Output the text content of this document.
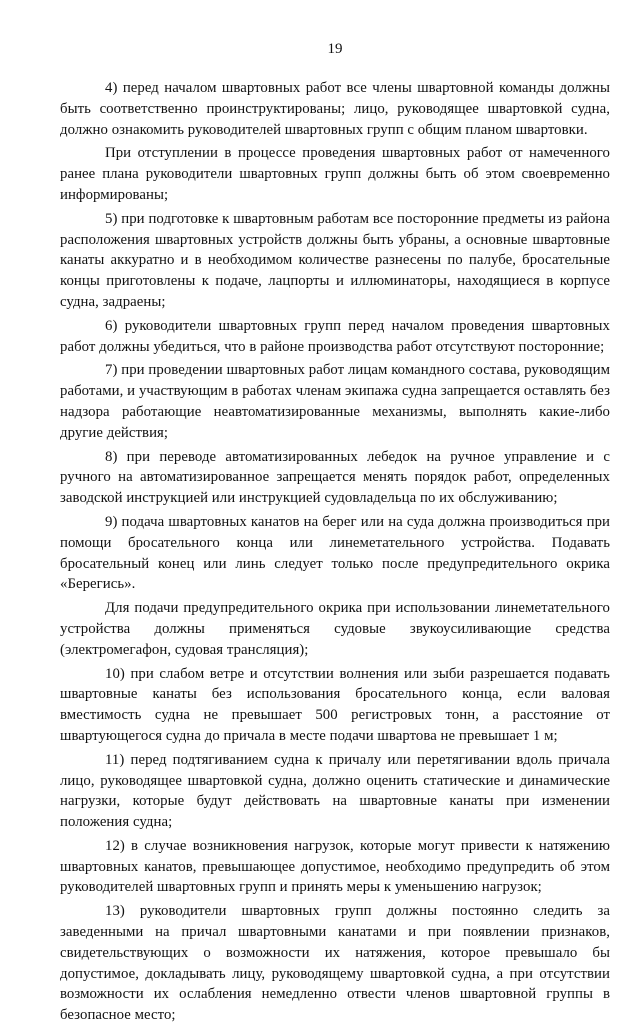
19

4) перед началом швартовных работ все члены швартовной команды должны быть соответственно проинструктированы; лицо, руководящее швартовкой судна, должно ознакомить руководителей швартовных групп с общим планом швартовки.

При отступлении в процессе проведения швартовных работ от намеченного ранее плана руководители швартовных групп должны быть об этом своевременно информированы;

5) при подготовке к швартовным работам все посторонние предметы из района расположения швартовных устройств должны быть убраны, а основные швартовные канаты аккуратно и в необходимом количестве разнесены по палубе, бросательные концы приготовлены к подаче, лацпорты и иллюминаторы, находящиеся в корпусе судна, задраены;

6) руководители швартовных групп перед началом проведения швартовных работ должны убедиться, что в районе производства работ отсутствуют посторонние;

7) при проведении швартовных работ лицам командного состава, руководящим работами, и участвующим в работах членам экипажа судна запрещается оставлять без надзора работающие неавтоматизированные механизмы, выполнять какие-либо другие действия;

8) при переводе автоматизированных лебедок на ручное управление и с ручного на автоматизированное запрещается менять порядок работ, определенных заводской инструкцией или инструкцией судовладельца по их обслуживанию;

9) подача швартовных канатов на берег или на суда должна производиться при помощи бросательного конца или линеметательного устройства. Подавать бросательный конец или линь следует только после предупредительного окрика «Берегись».

Для подачи предупредительного окрика при использовании линеметательного устройства должны применяться судовые звукоусиливающие средства (электромегафон, судовая трансляция);

10) при слабом ветре и отсутствии волнения или зыби разрешается подавать швартовные канаты без использования бросательного конца, если валовая вместимость судна не превышает 500 регистровых тонн, а расстояние от швартующегося судна до причала в месте подачи швартова не превышает 1 м;

11) перед подтягиванием судна к причалу или перетягивании вдоль причала лицо, руководящее швартовкой судна, должно оценить статические и динамические нагрузки, которые будут действовать на швартовные канаты при изменении положения судна;

12) в случае возникновения нагрузок, которые могут привести к натяжению швартовных канатов, превышающее допустимое, необходимо предупредить об этом руководителей швартовных групп и принять меры к уменьшению нагрузок;

13) руководители швартовных групп должны постоянно следить за заведенными на причал швартовными канатами и при появлении признаков, свидетельствующих о возможности их натяжения, которое превышало бы допустимое, докладывать лицу, руководящему швартовкой судна, а при отсутствии возможности их ослабления немедленно отвести членов швартовной группы в безопасное место;
